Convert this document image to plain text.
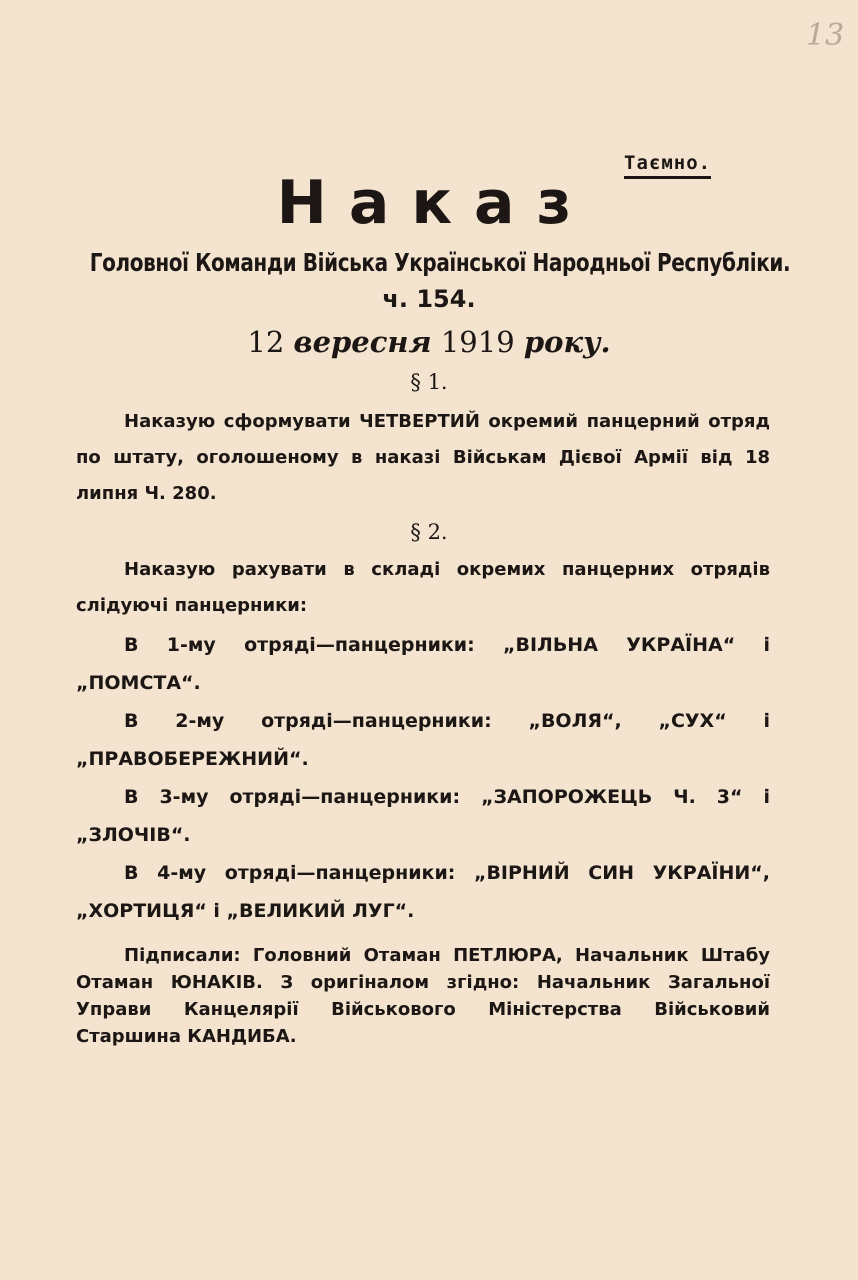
13
Таємно.
Наказ
Головної Команди Війська Української Народньої Республіки.
ч. 154.
12 вересня 1919 року.
§ 1.
Наказую сформувати ЧЕТВЕРТИЙ окремий панцерний отряд по штату, оголошеному в наказі Військам Дієвої Армії від 18 липня Ч. 280.
§ 2.
Наказую рахувати в складі окремих панцерних отрядів слідуючі панцерники:
В 1-му отряді—панцерники: „ВІЛЬНА УКРАЇНА“ і „ПОМСТА“.
В 2-му отряді—панцерники: „ВОЛЯ“, „СУХ“ і „ПРАВОБЕРЕЖНИЙ“.
В 3-му отряді—панцерники: „ЗАПОРОЖЕЦЬ Ч. 3“ і „ЗЛОЧІВ“.
В 4-му отряді—панцерники: „ВІРНИЙ СИН УКРАЇНИ“, „ХОРТИЦЯ“ і „ВЕЛИКИЙ ЛУГ“.
Підписали: Головний Отаман ПЕТЛЮРА, Начальник Штабу Отаман ЮНАКІВ. З оригіналом згідно: Начальник Загальної Управи Канцелярії Військового Міністерства Військовий Старшина КАНДИБА.
